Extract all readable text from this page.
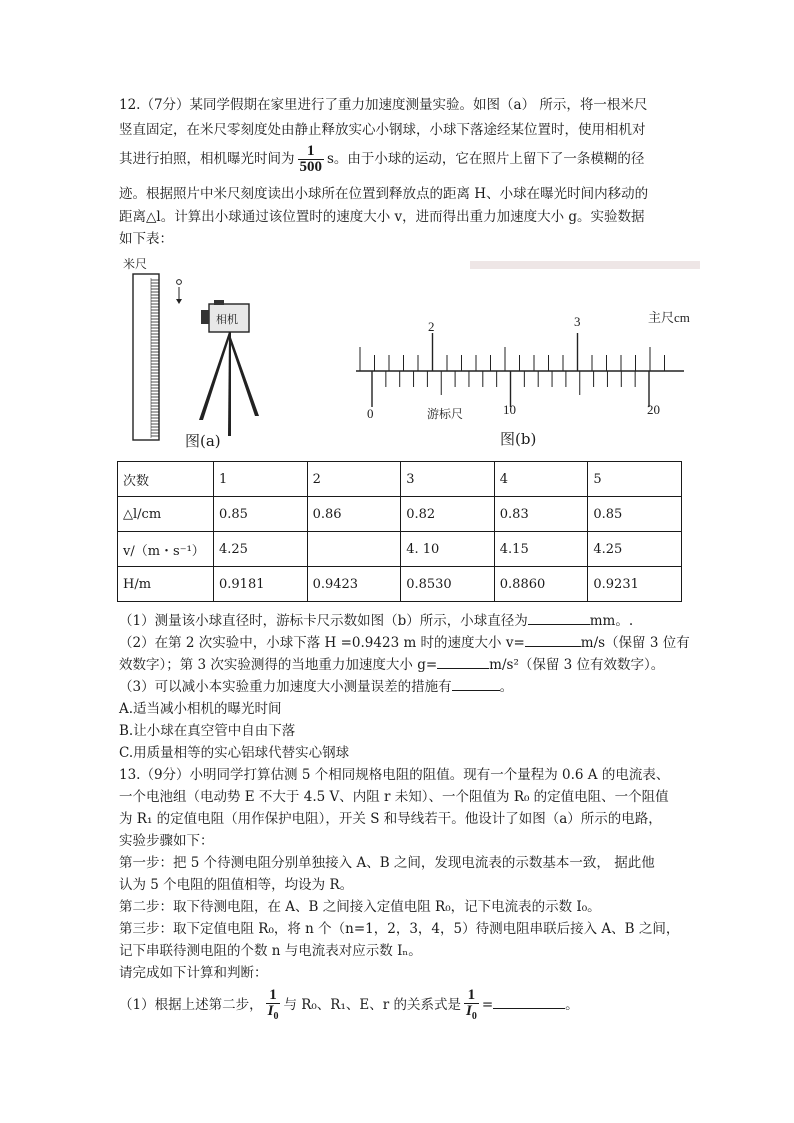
12.（7分）某同学假期在家里进行了重力加速度测量实验。如图（a） 所示，将一根米尺
竖直固定，在米尺零刻度处由静止释放实心小钢球，小球下落途经某位置时，使用相机对
其进行拍照，相机曝光时间为 $\frac{1}{500}$ s。由于小球的运动，它在照片上留下了一条模糊的径
迹。根据照片中米尺刻度读出小球所在位置到释放点的距离 H、小球在曝光时间内移动的
距离△l。计算出小球通过该位置时的速度大小 v，进而得出重力加速度大小 g。实验数据
如下表：
米尺
相机
图(a)
2	3	主尺cm
0	10	20
游标尺
图(b)
次数	1	2	3	4	5
△l/cm	0.85	0.86	0.82	0.83	0.85
v/（m・s⁻¹）	4.25		4. 10	4.15	4.25
H/m	0.9181	0.9423	0.8530	0.8860	0.9231
（1）测量该小球直径时，游标卡尺示数如图（b）所示，小球直径为	mm。.
（2）在第 2 次实验中，小球下落 H =0.9423 m 时的速度大小 v=	m/s（保留 3 位有
效数字）；第 3 次实验测得的当地重力加速度大小 g=	m/s²（保留 3 位有效数字）。
（3）可以减小本实验重力加速度大小测量误差的措施有	。
A.适当减小相机的曝光时间
B.让小球在真空管中自由下落
C.用质量相等的实心铝球代替实心钢球
13.（9分）小明同学打算估测 5 个相同规格电阻的阻值。现有一个量程为 0.6 A 的电流表、
一个电池组（电动势 E 不大于 4.5 V、内阻 r 未知）、一个阻值为 R₀ 的定值电阻、一个阻值
为 R₁ 的定值电阻（用作保护电阻），开关 S 和导线若干。他设计了如图（a）所示的电路，
实验步骤如下：
第一步：把 5 个待测电阻分别单独接入 A、B 之间，发现电流表的示数基本一致， 据此他
认为 5 个电阻的阻值相等，均设为 R。
第二步：取下待测电阻，在 A、B 之间接入定值电阻 R₀，记下电流表的示数 I₀。
第三步：取下定值电阻 R₀，将 n 个（n=1，2，3，4，5）待测电阻串联后接入 A、B 之间，
记下串联待测电阻的个数 n 与电流表对应示数 Iₙ。
请完成如下计算和判断：
（1）根据上述第二步， $\frac{1}{I_0}$ 与 R₀、R₁、E、r 的关系式是 $\frac{1}{I_0}$ =	。
